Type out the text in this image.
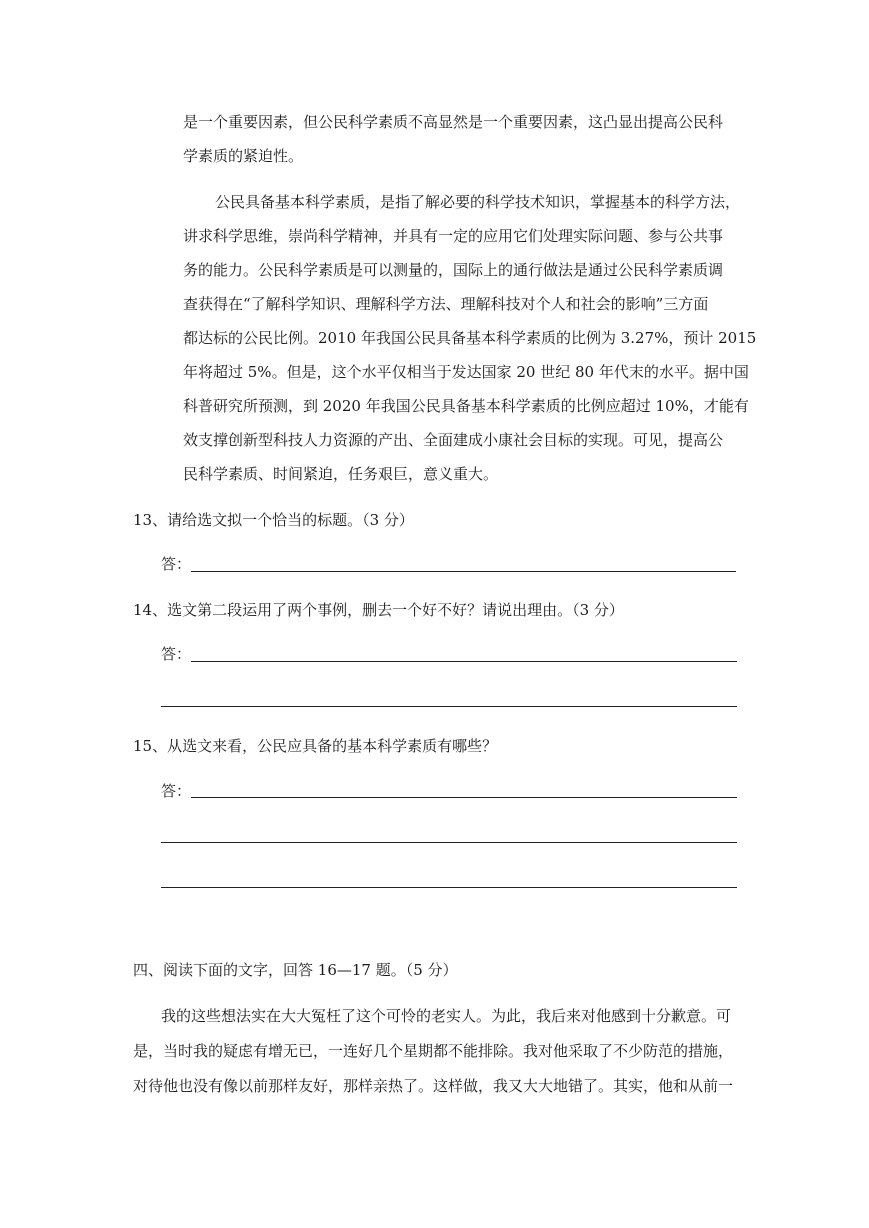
是一个重要因素，但公民科学素质不高显然是一个重要因素，这凸显出提高公民科
学素质的紧迫性。
公民具备基本科学素质，是指了解必要的科学技术知识，掌握基本的科学方法，
讲求科学思维，崇尚科学精神，并具有一定的应用它们处理实际问题、参与公共事
务的能力。公民科学素质是可以测量的，国际上的通行做法是通过公民科学素质调
查获得在“了解科学知识、理解科学方法、理解科技对个人和社会的影响”三方面
都达标的公民比例。2010 年我国公民具备基本科学素质的比例为 3.27%，预计 2015
年将超过 5%。但是，这个水平仅相当于发达国家 20 世纪 80 年代末的水平。据中国
科普研究所预测，到 2020 年我国公民具备基本科学素质的比例应超过 10%，才能有
效支撑创新型科技人力资源的产出、全面建成小康社会目标的实现。可见，提高公
民科学素质、时间紧迫，任务艰巨，意义重大。
13、请给选文拟一个恰当的标题。（3 分）
答：
14、选文第二段运用了两个事例，删去一个好不好？请说出理由。（3 分）
答：
15、从选文来看，公民应具备的基本科学素质有哪些？
答：
四、阅读下面的文字，回答 16—17 题。（5 分）
我的这些想法实在大大冤枉了这个可怜的老实人。为此，我后来对他感到十分歉意。可
是，当时我的疑虑有增无已，一连好几个星期都不能排除。我对他采取了不少防范的措施，
对待他也没有像以前那样友好，那样亲热了。这样做，我又大大地错了。其实，他和从前一
